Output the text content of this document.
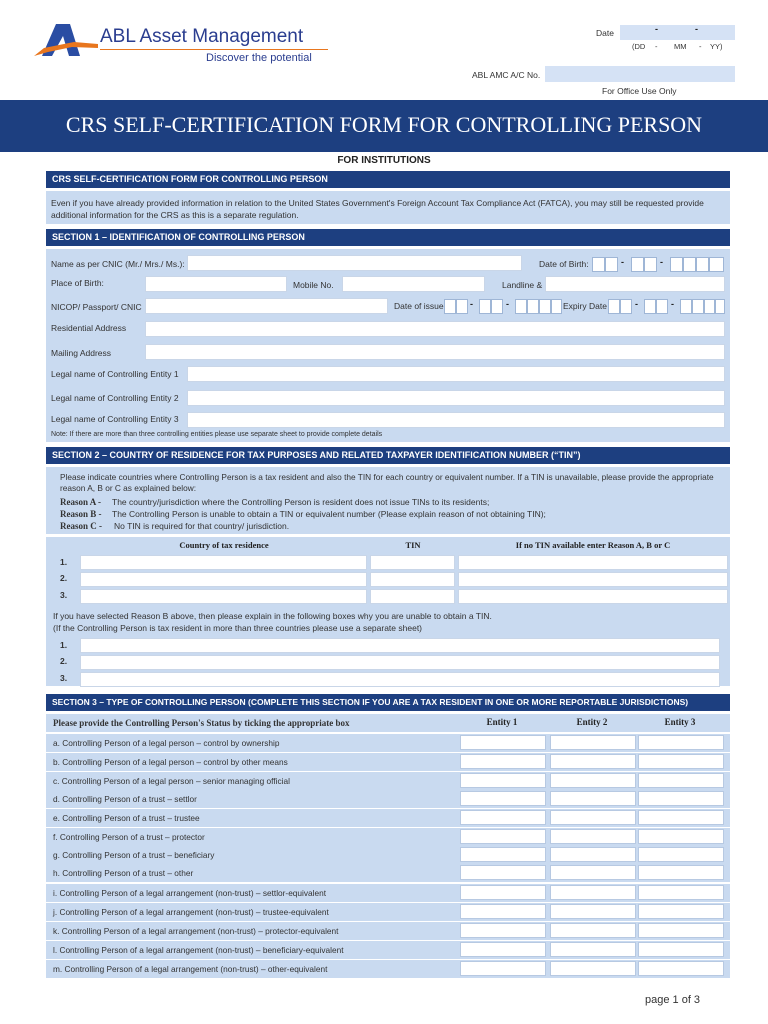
ABL Asset Management
Discover the potential
Date	-	-
(DD - MM - YY)
ABL AMC A/C No.
For Office Use Only
CRS SELF-CERTIFICATION FORM FOR CONTROLLING PERSON
FOR INSTITUTIONS
CRS SELF-CERTIFICATION FORM FOR CONTROLLING PERSON
Even if you have already provided information in relation to the United States Government's Foreign Account Tax Compliance Act (FATCA), you may still be requested provide additional information for the CRS as this is a separate regulation.
SECTION 1 – IDENTIFICATION OF CONTROLLING PERSON
Name as per CNIC (Mr./ Mrs./ Ms.):	Date of Birth:	-	-
Place of Birth:	Mobile No.	Landline &
NICOP/ Passport/ CNIC	Date of issue	-	-	Expiry Date	-	-
Residential Address
Mailing Address
Legal name of Controlling Entity 1
Legal name of Controlling Entity 2
Legal name of Controlling Entity 3
Note: If there are more than three controlling entities please use separate sheet to provide complete details
SECTION 2 – COUNTRY OF RESIDENCE FOR TAX PURPOSES AND RELATED TAXPAYER IDENTIFICATION NUMBER (“TIN”)
Please indicate countries where Controlling Person is a tax resident and also the TIN for each country or equivalent number. If a TIN is unavailable, please provide the appropriate reason A, B or C as explained below:
Reason A - The country/jurisdiction where the Controlling Person is resident does not issue TINs to its residents;
Reason B - The Controlling Person is unable to obtain a TIN or equivalent number (Please explain reason of not obtaining TIN);
Reason C - No TIN is required for that country/ jurisdiction.
Country of tax residence	TIN	If no TIN available enter Reason A, B or C
1.
2.
3.
If you have selected Reason B above, then please explain in the following boxes why you are unable to obtain a TIN.
(If the Controlling Person is tax resident in more than three countries please use a separate sheet)
1.
2.
3.
SECTION 3 – TYPE OF CONTROLLING PERSON (COMPLETE THIS SECTION IF YOU ARE A TAX RESIDENT IN ONE OR MORE REPORTABLE JURISDICTIONS)
Please provide the Controlling Person's Status by ticking the appropriate box	Entity 1	Entity 2	Entity 3
a. Controlling Person of a legal person – control by ownership
b. Controlling Person of a legal person – control by other means
c. Controlling Person of a legal person – senior managing official
d. Controlling Person of a trust – settlor
e. Controlling Person of a trust – trustee
f. Controlling Person of a trust – protector
g. Controlling Person of a trust – beneficiary
h. Controlling Person of a trust – other
i. Controlling Person of a legal arrangement (non-trust) – settlor-equivalent
j. Controlling Person of a legal arrangement (non-trust) – trustee-equivalent
k. Controlling Person of a legal arrangement (non-trust) – protector-equivalent
l. Controlling Person of a legal arrangement (non-trust) – beneficiary-equivalent
m. Controlling Person of a legal arrangement (non-trust) – other-equivalent
page 1 of 3
